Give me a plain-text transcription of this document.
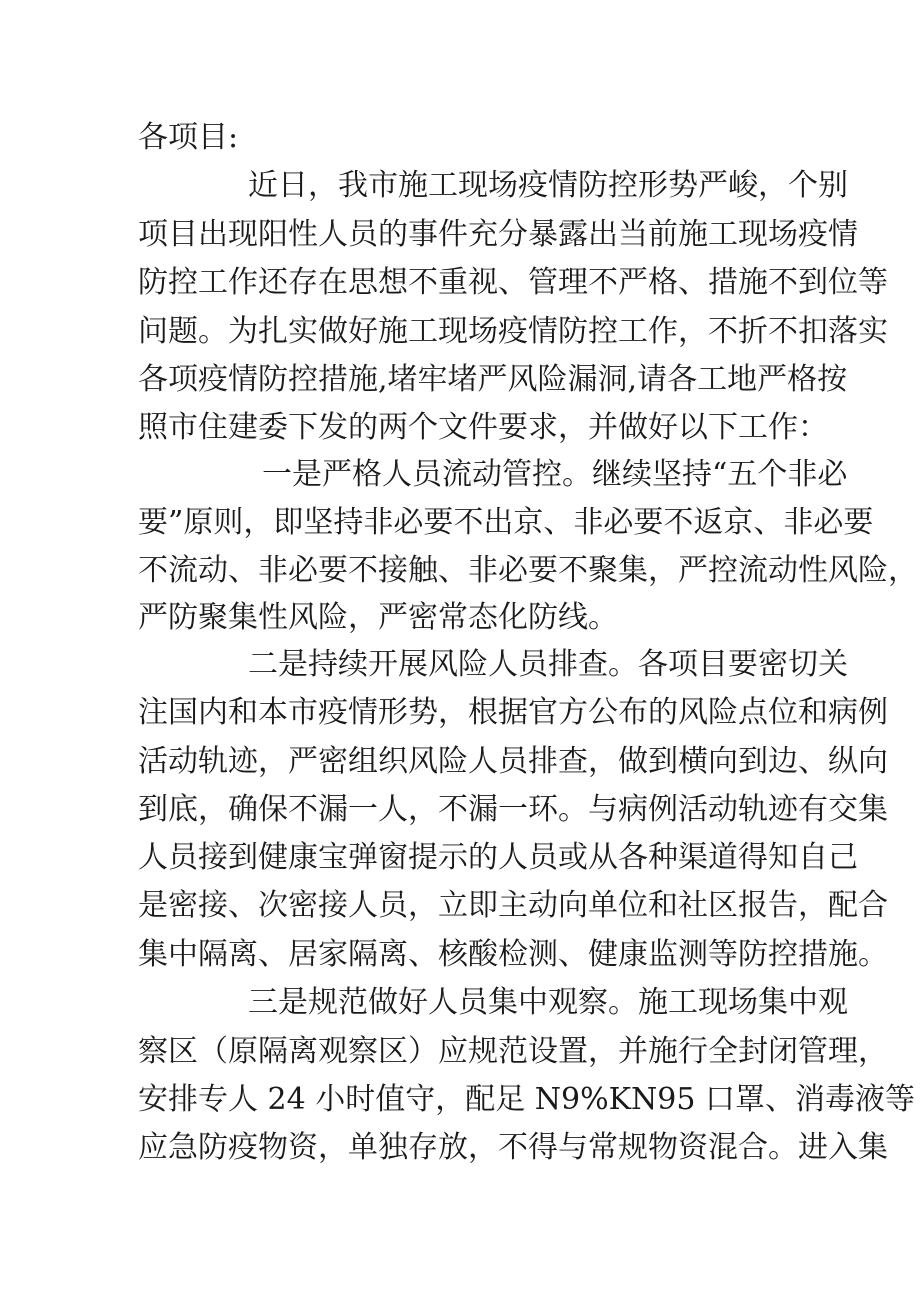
各项目:
近日，我市施工现场疫情防控形势严峻，个别
项目出现阳性人员的事件充分暴露出当前施工现场疫情
防控工作还存在思想不重视、管理不严格、措施不到位等
问题。为扎实做好施工现场疫情防控工作，不折不扣落实
各项疫情防控措施,堵牢堵严风险漏洞,请各工地严格按
照市住建委下发的两个文件要求，并做好以下工作：
一是严格人员流动管控。继续坚持“五个非必
要”原则，即坚持非必要不出京、非必要不返京、非必要
不流动、非必要不接触、非必要不聚集，严控流动性风险，
严防聚集性风险，严密常态化防线。
二是持续开展风险人员排查。各项目要密切关
注国内和本市疫情形势，根据官方公布的风险点位和病例
活动轨迹，严密组织风险人员排查，做到横向到边、纵向
到底，确保不漏一人，不漏一环。与病例活动轨迹有交集
人员接到健康宝弹窗提示的人员或从各种渠道得知自己
是密接、次密接人员，立即主动向单位和社区报告，配合
集中隔离、居家隔离、核酸检测、健康监测等防控措施。
三是规范做好人员集中观察。施工现场集中观
察区（原隔离观察区）应规范设置，并施行全封闭管理，
安排专人 24 小时值守，配足 N9%KN95 口罩、消毒液等
应急防疫物资，单独存放，不得与常规物资混合。进入集
